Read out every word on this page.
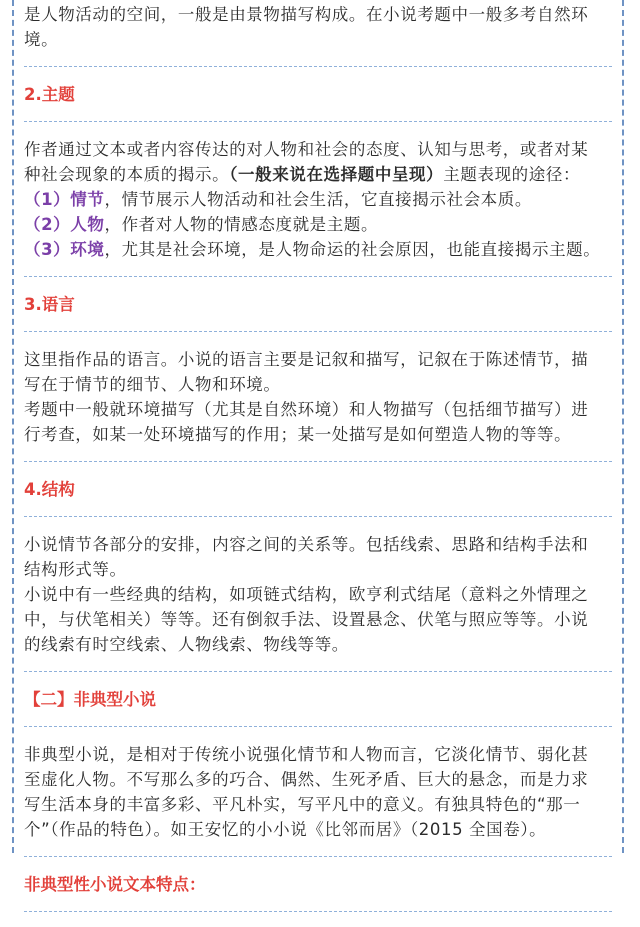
是人物活动的空间，一般是由景物描写构成。在小说考题中一般多考自然环

境。

2.主题

作者通过文本或者内容传达的对人物和社会的态度、认知与思考，或者对某

种社会现象的本质的揭示。（一般来说在选择题中呈现）主题表现的途径：

（1）情节，情节展示人物活动和社会生活，它直接揭示社会本质。

（2）人物，作者对人物的情感态度就是主题。

（3）环境，尤其是社会环境，是人物命运的社会原因，也能直接揭示主题。

3.语言

这里指作品的语言。小说的语言主要是记叙和描写，记叙在于陈述情节，描

写在于情节的细节、人物和环境。

考题中一般就环境描写（尤其是自然环境）和人物描写（包括细节描写）进

行考查，如某一处环境描写的作用；某一处描写是如何塑造人物的等等。

4.结构

小说情节各部分的安排，内容之间的关系等。包括线索、思路和结构手法和

结构形式等。

小说中有一些经典的结构，如项链式结构，欧亨利式结尾（意料之外情理之

中，与伏笔相关）等等。还有倒叙手法、设置悬念、伏笔与照应等等。小说

的线索有时空线索、人物线索、物线等等。

【二】非典型小说

非典型小说，是相对于传统小说强化情节和人物而言，它淡化情节、弱化甚

至虚化人物。不写那么多的巧合、偶然、生死矛盾、巨大的悬念，而是力求

写生活本身的丰富多彩、平凡朴实，写平凡中的意义。有独具特色的“那一

个”（作品的特色）。如王安忆的小小说《比邻而居》（2015 全国卷）。

非典型性小说文本特点：
